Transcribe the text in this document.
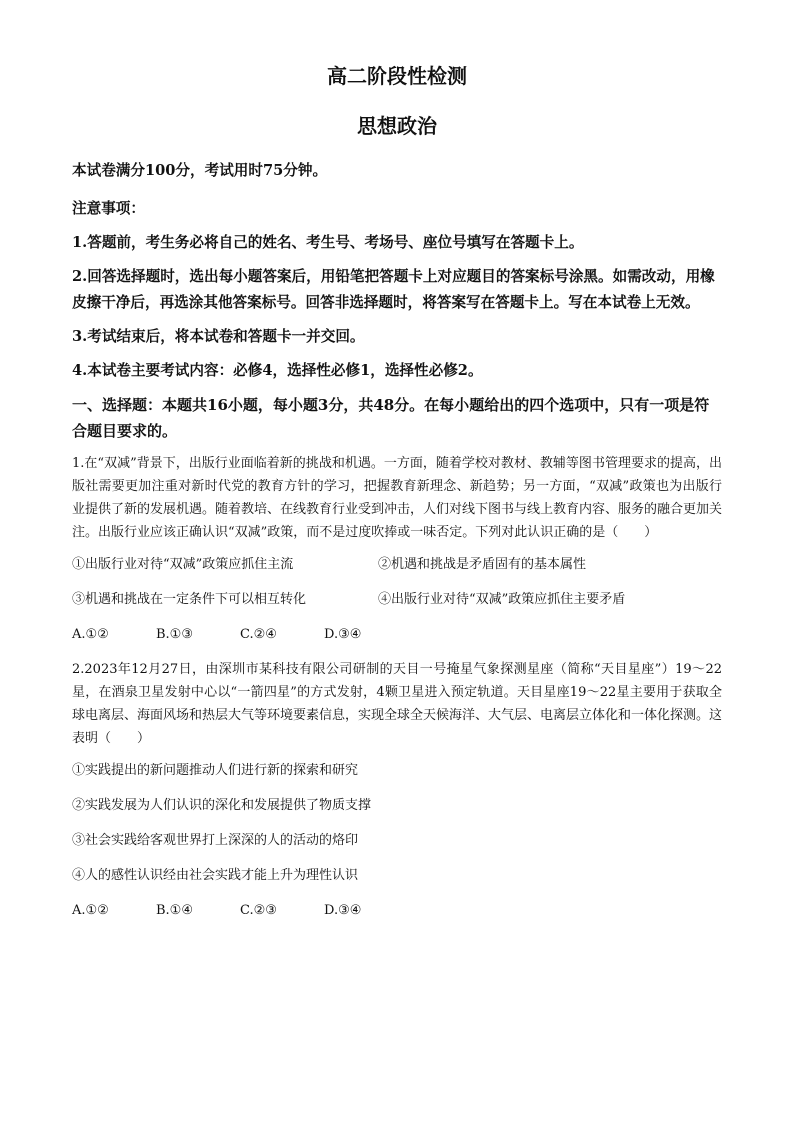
高二阶段性检测
思想政治

本试卷满分100分，考试用时75分钟。

注意事项：

1.答题前，考生务必将自己的姓名、考生号、考场号、座位号填写在答题卡上。

2.回答选择题时，选出每小题答案后，用铅笔把答题卡上对应题目的答案标号涂黑。如需改动，用橡皮擦干净后，再选涂其他答案标号。回答非选择题时，将答案写在答题卡上。写在本试卷上无效。

3.考试结束后，将本试卷和答题卡一并交回。

4.本试卷主要考试内容：必修4，选择性必修1，选择性必修2。

一、选择题：本题共16小题，每小题3分，共48分。在每小题给出的四个选项中，只有一项是符合题目要求的。

1.在“双减”背景下，出版行业面临着新的挑战和机遇。一方面，随着学校对教材、教辅等图书管理要求的提高，出版社需要更加注重对新时代党的教育方针的学习，把握教育新理念、新趋势；另一方面，“双减”政策也为出版行业提供了新的发展机遇。随着教培、在线教育行业受到冲击，人们对线下图书与线上教育内容、服务的融合更加关注。出版行业应该正确认识“双减”政策，而不是过度吹捧或一味否定。下列对此认识正确的是（　　）

①出版行业对待“双减”政策应抓住主流	②机遇和挑战是矛盾固有的基本属性
③机遇和挑战在一定条件下可以相互转化	④出版行业对待“双减”政策应抓住主要矛盾
A.①②	B.①③	C.②④	D.③④

2.2023年12月27日，由深圳市某科技有限公司研制的天目一号掩星气象探测星座（简称“天目星座”）19～22星，在酒泉卫星发射中心以“一箭四星”的方式发射，4颗卫星进入预定轨道。天目星座19～22星主要用于获取全球电离层、海面风场和热层大气等环境要素信息，实现全球全天候海洋、大气层、电离层立体化和一体化探测。这表明（　　）

①实践提出的新问题推动人们进行新的探索和研究
②实践发展为人们认识的深化和发展提供了物质支撑
③社会实践给客观世界打上深深的人的活动的烙印
④人的感性认识经由社会实践才能上升为理性认识
A.①②	B.①④	C.②③	D.③④
